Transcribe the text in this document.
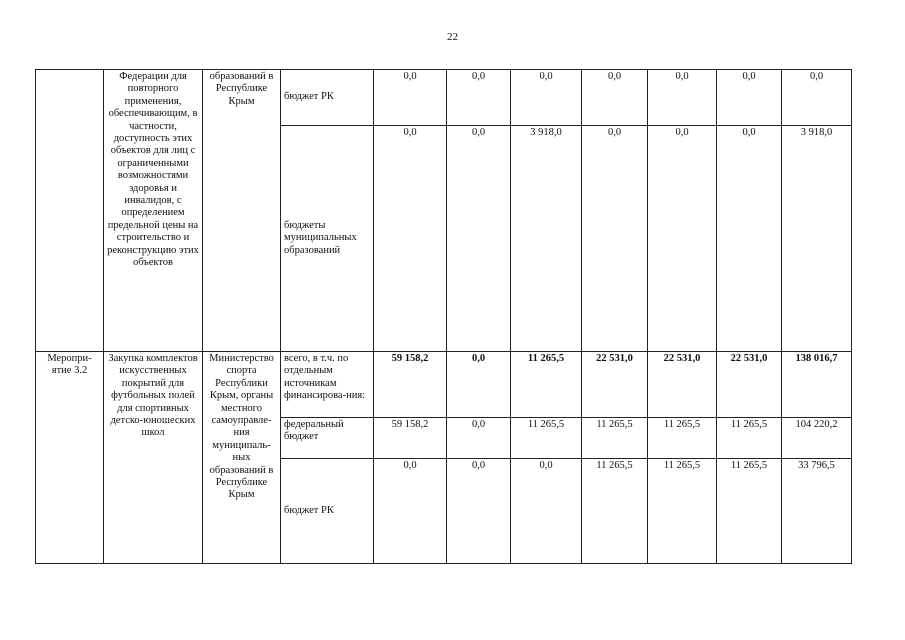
22
	Федерации для повторного применения, обеспечивающим, в частности, доступность этих объектов для лиц с ограниченными возможностями здоровья и инвалидов, с определением предельной цены на строительство и реконструкцию этих объектов	образований в Республике Крым	бюджет РК	0,0	0,0	0,0	0,0	0,0	0,0	0,0
			бюджеты муниципальных образований	0,0	0,0	3 918,0	0,0	0,0	0,0	3 918,0
Меропри-ятие 3.2	Закупка комплектов искусственных покрытий для футбольных полей для спортивных детско-юношеских школ	Министерство спорта Республики Крым, органы местного самоуправле-ния муниципаль-ных образований в Республике Крым	всего, в т.ч. по отдельным источникам финансирова-ния:	59 158,2	0,0	11 265,5	22 531,0	22 531,0	22 531,0	138 016,7
			федеральный бюджет	59 158,2	0,0	11 265,5	11 265,5	11 265,5	11 265,5	104 220,2
			бюджет РК	0,0	0,0	0,0	11 265,5	11 265,5	11 265,5	33 796,5
